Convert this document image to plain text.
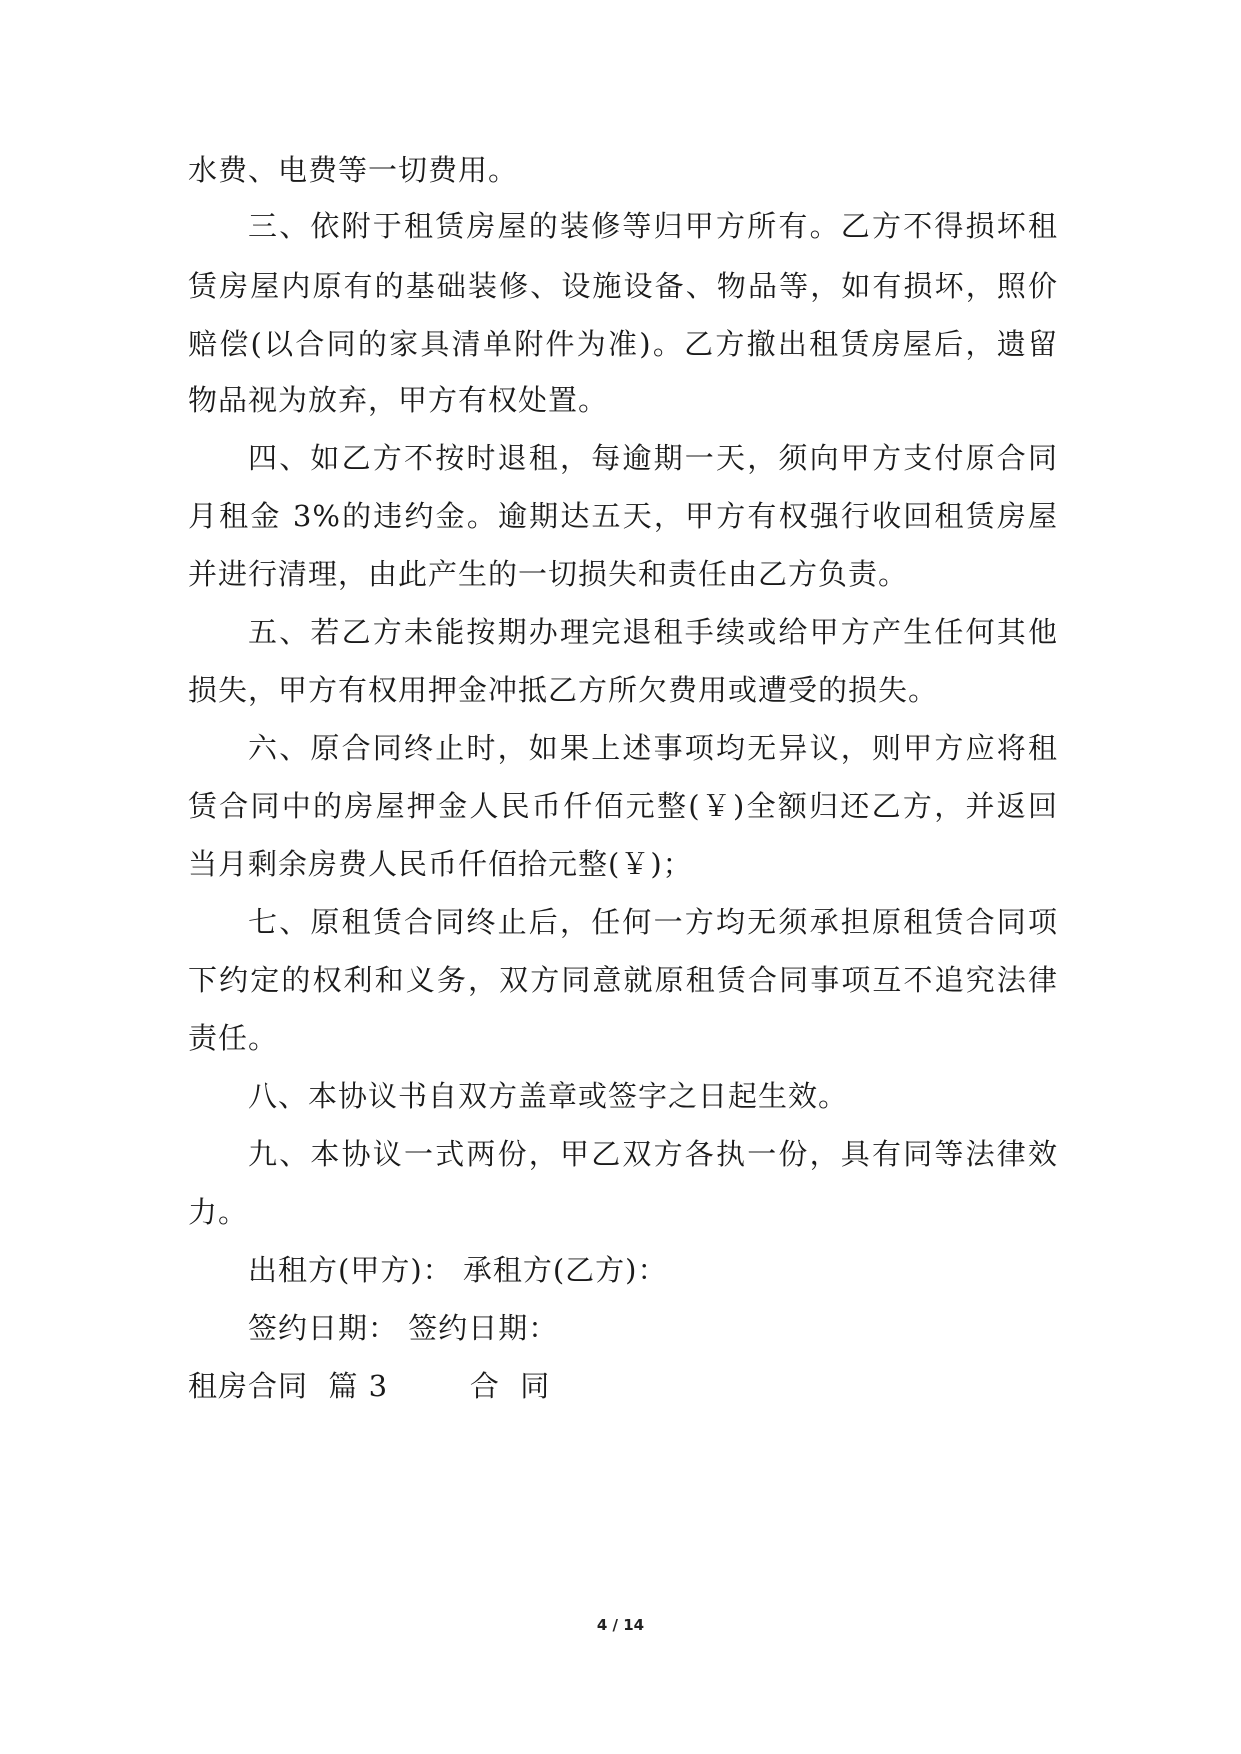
水费、电费等一切费用。
三、依附于租赁房屋的装修等归甲方所有。乙方不得损坏租
赁房屋内原有的基础装修、设施设备、物品等，如有损坏，照价
赔偿(以合同的家具清单附件为准)。乙方撤出租赁房屋后，遗留
物品视为放弃，甲方有权处置。
四、如乙方不按时退租，每逾期一天，须向甲方支付原合同
月租金 3%的违约金。逾期达五天，甲方有权强行收回租赁房屋
并进行清理，由此产生的一切损失和责任由乙方负责。
五、若乙方未能按期办理完退租手续或给甲方产生任何其他
损失，甲方有权用押金冲抵乙方所欠费用或遭受的损失。
六、原合同终止时，如果上述事项均无异议，则甲方应将租
赁合同中的房屋押金人民币仟佰元整(￥)全额归还乙方，并返回
当月剩余房费人民币仟佰拾元整(￥)；
七、原租赁合同终止后，任何一方均无须承担原租赁合同项
下约定的权利和义务，双方同意就原租赁合同事项互不追究法律
责任。
八、本协议书自双方盖章或签字之日起生效。
九、本协议一式两份，甲乙双方各执一份，具有同等法律效
力。
出租方(甲方)： 承租方(乙方)：
签约日期： 签约日期：
租房合同  篇 3        合  同
4 / 14
